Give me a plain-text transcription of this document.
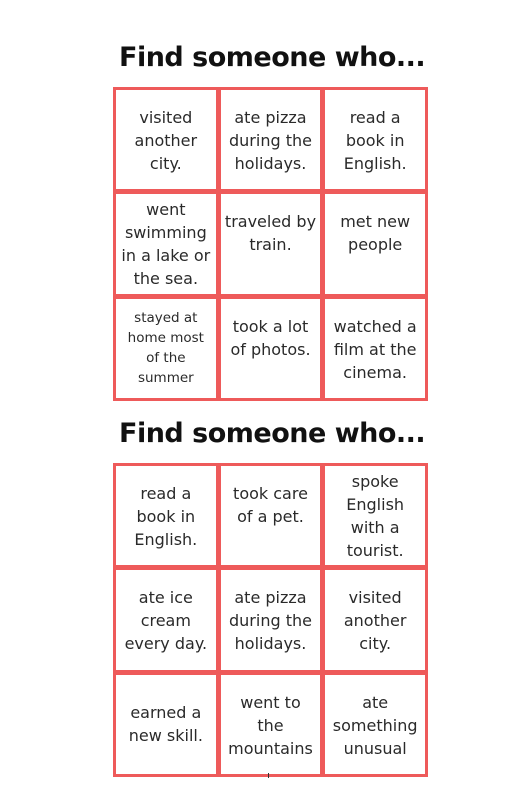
Find someone who...
visited another city.
ate pizza during the holidays.
read a book in English.
went swimming in a lake or the sea.
traveled by train.
met new people
stayed at home most of the summer
took a lot of photos.
watched a film at the cinema.
Find someone who...
read a book in English.
took care of a pet.
spoke English with a tourist.
ate ice cream every day.
ate pizza during the holidays.
visited another city.
earned a new skill.
went to the mountains
ate something unusual
